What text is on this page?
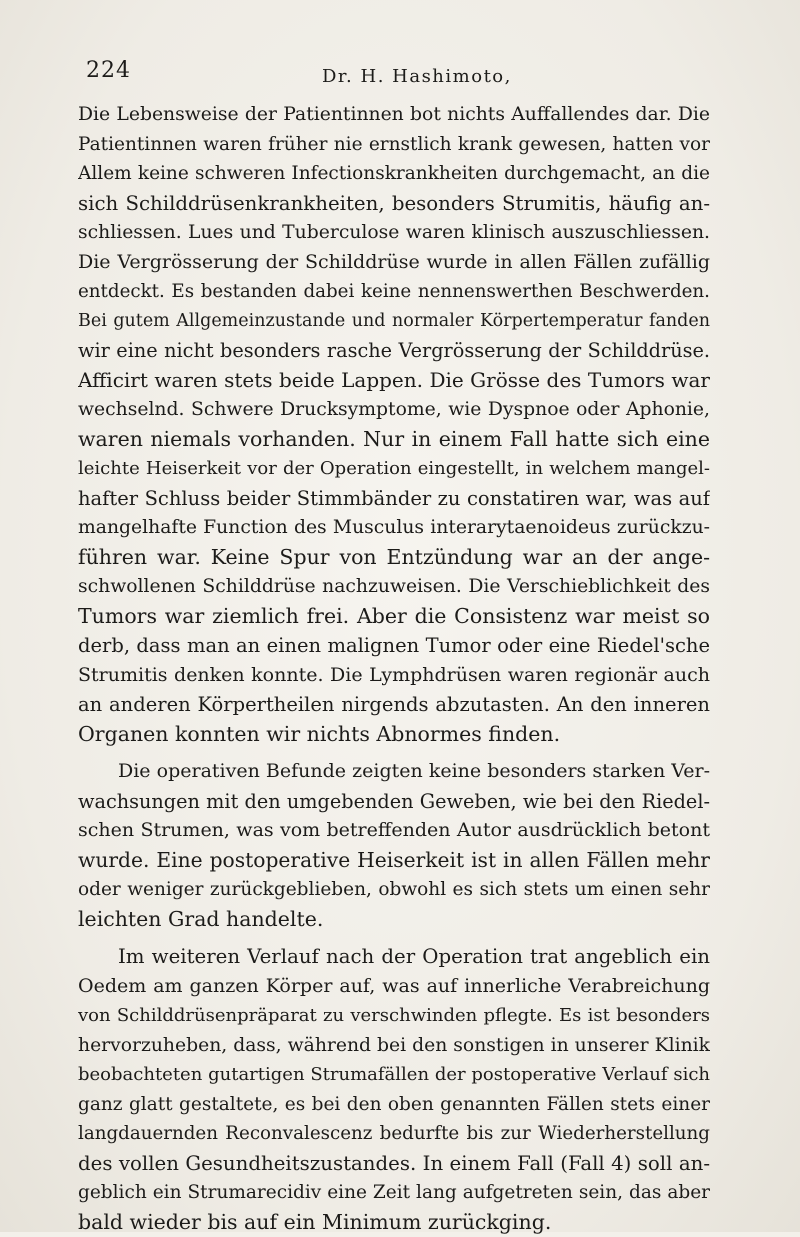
224	Dr. H. Hashimoto,
Die Lebensweise der Patientinnen bot nichts Auffallendes dar. Die
Patientinnen waren früher nie ernstlich krank gewesen, hatten vor
Allem keine schweren Infectionskrankheiten durchgemacht, an die
sich Schilddrüsenkrankheiten, besonders Strumitis, häufig an-
schliessen. Lues und Tuberculose waren klinisch auszuschliessen.
Die Vergrösserung der Schilddrüse wurde in allen Fällen zufällig
entdeckt. Es bestanden dabei keine nennenswerthen Beschwerden.
Bei gutem Allgemeinzustande und normaler Körpertemperatur fanden
wir eine nicht besonders rasche Vergrösserung der Schilddrüse.
Afficirt waren stets beide Lappen. Die Grösse des Tumors war
wechselnd. Schwere Drucksymptome, wie Dyspnoe oder Aphonie,
waren niemals vorhanden. Nur in einem Fall hatte sich eine
leichte Heiserkeit vor der Operation eingestellt, in welchem mangel-
hafter Schluss beider Stimmbänder zu constatiren war, was auf
mangelhafte Function des Musculus interarytaenoideus zurückzu-
führen war. Keine Spur von Entzündung war an der ange-
schwollenen Schilddrüse nachzuweisen. Die Verschieblichkeit des
Tumors war ziemlich frei. Aber die Consistenz war meist so
derb, dass man an einen malignen Tumor oder eine Riedel'sche
Strumitis denken konnte. Die Lymphdrüsen waren regionär auch
an anderen Körpertheilen nirgends abzutasten. An den inneren
Organen konnten wir nichts Abnormes finden.
Die operativen Befunde zeigten keine besonders starken Ver-
wachsungen mit den umgebenden Geweben, wie bei den Riedel-
schen Strumen, was vom betreffenden Autor ausdrücklich betont
wurde. Eine postoperative Heiserkeit ist in allen Fällen mehr
oder weniger zurückgeblieben, obwohl es sich stets um einen sehr
leichten Grad handelte.
Im weiteren Verlauf nach der Operation trat angeblich ein
Oedem am ganzen Körper auf, was auf innerliche Verabreichung
von Schilddrüsenpräparat zu verschwinden pflegte. Es ist besonders
hervorzuheben, dass, während bei den sonstigen in unserer Klinik
beobachteten gutartigen Strumafällen der postoperative Verlauf sich
ganz glatt gestaltete, es bei den oben genannten Fällen stets einer
langdauernden Reconvalescenz bedurfte bis zur Wiederherstellung
des vollen Gesundheitszustandes. In einem Fall (Fall 4) soll an-
geblich ein Strumarecidiv eine Zeit lang aufgetreten sein, das aber
bald wieder bis auf ein Minimum zurückging.
